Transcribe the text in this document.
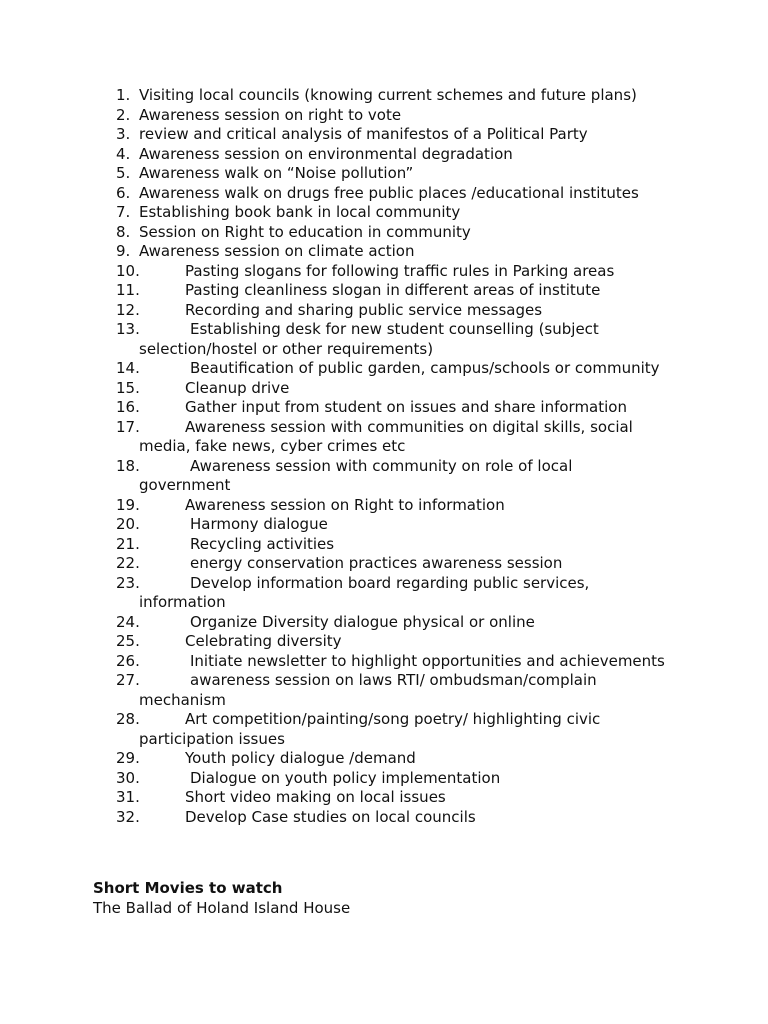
1. Visiting local councils (knowing current schemes and future plans)
2. Awareness session on right to vote
3. review and critical analysis of manifestos of a Political Party
4. Awareness session on environmental degradation
5. Awareness walk on “Noise pollution”
6. Awareness walk on drugs free public places /educational institutes
7. Establishing book bank in local community
8. Session on Right to education in community
9. Awareness session on climate action
10.	Pasting slogans for following traffic rules in Parking areas
11.	Pasting cleanliness slogan in different areas of institute
12.	Recording and sharing public service messages
13.	Establishing desk for new student counselling (subject selection/hostel or other requirements)
14.	Beautification of public garden, campus/schools or community
15.	Cleanup drive
16.	Gather input from student on issues and share information
17.	Awareness session with communities on digital skills, social media, fake news, cyber crimes etc
18.	Awareness session with community on role of local government
19.	Awareness session on Right to information
20.	Harmony dialogue
21.	Recycling activities
22.	energy conservation practices awareness session
23.	Develop information board regarding public services, information
24.	Organize Diversity dialogue physical or online
25.	Celebrating diversity
26.	Initiate newsletter to highlight opportunities and achievements
27.	awareness session on laws RTI/ ombudsman/complain mechanism
28.	Art competition/painting/song poetry/ highlighting civic participation issues
29.	Youth policy dialogue /demand
30.	Dialogue on youth policy implementation
31.	Short video making on local issues
32.	Develop Case studies on local councils
Short Movies to watch
The Ballad of Holand Island House
